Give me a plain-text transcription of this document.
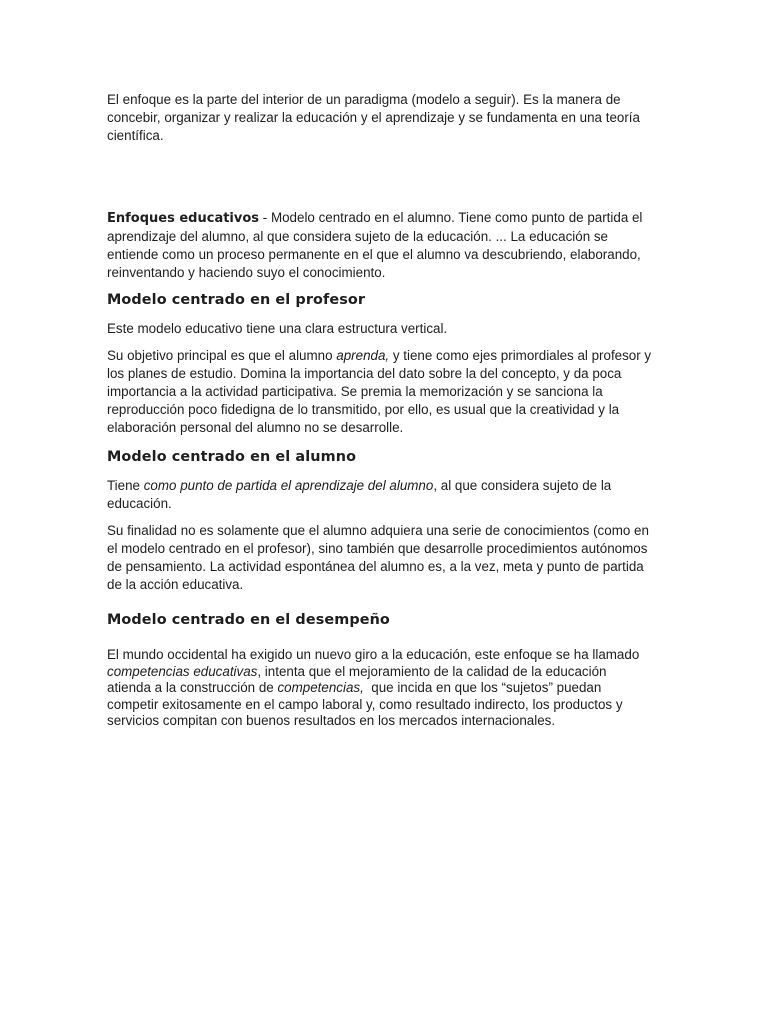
El enfoque es la parte del interior de un paradigma (modelo a seguir). Es la manera de concebir, organizar y realizar la educación y el aprendizaje y se fundamenta en una teoría científica.

Enfoques educativos - Modelo centrado en el alumno. Tiene como punto de partida el aprendizaje del alumno, al que considera sujeto de la educación. ... La educación se entiende como un proceso permanente en el que el alumno va descubriendo, elaborando, reinventando y haciendo suyo el conocimiento.

Modelo centrado en el profesor

Este modelo educativo tiene una clara estructura vertical.

Su objetivo principal es que el alumno aprenda, y tiene como ejes primordiales al profesor y los planes de estudio. Domina la importancia del dato sobre la del concepto, y da poca importancia a la actividad participativa. Se premia la memorización y se sanciona la reproducción poco fidedigna de lo transmitido, por ello, es usual que la creatividad y la elaboración personal del alumno no se desarrolle.

Modelo centrado en el alumno

Tiene como punto de partida el aprendizaje del alumno, al que considera sujeto de la educación.

Su finalidad no es solamente que el alumno adquiera una serie de conocimientos (como en el modelo centrado en el profesor), sino también que desarrolle procedimientos autónomos de pensamiento. La actividad espontánea del alumno es, a la vez, meta y punto de partida de la acción educativa.

Modelo centrado en el desempeño

El mundo occidental ha exigido un nuevo giro a la educación, este enfoque se ha llamado competencias educativas, intenta que el mejoramiento de la calidad de la educación atienda a la construcción de competencias,  que incida en que los “sujetos” puedan competir exitosamente en el campo laboral y, como resultado indirecto, los productos y servicios compitan con buenos resultados en los mercados internacionales.
